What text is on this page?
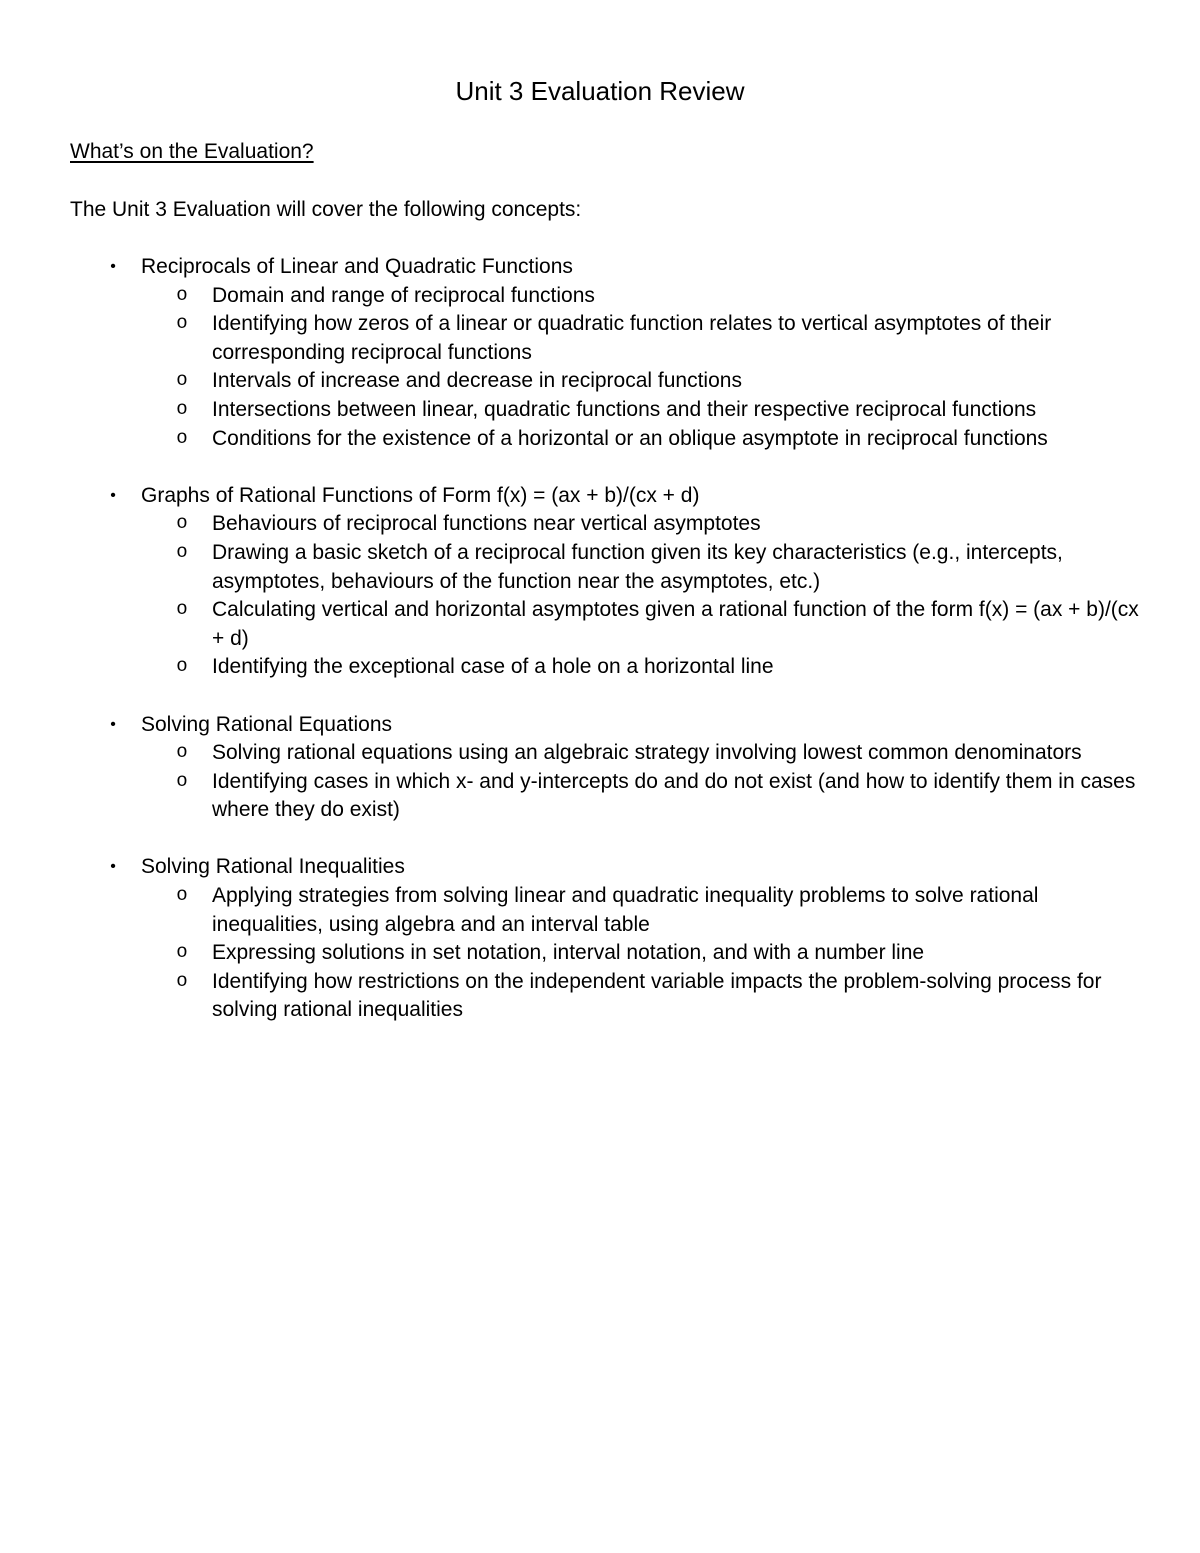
Unit 3 Evaluation Review
What’s on the Evaluation?
The Unit 3 Evaluation will cover the following concepts:
• Reciprocals of Linear and Quadratic Functions
o Domain and range of reciprocal functions
o Identifying how zeros of a linear or quadratic function relates to vertical asymptotes of their corresponding reciprocal functions
o Intervals of increase and decrease in reciprocal functions
o Intersections between linear, quadratic functions and their respective reciprocal functions
o Conditions for the existence of a horizontal or an oblique asymptote in reciprocal functions
• Graphs of Rational Functions of Form f(x) = (ax + b)/(cx + d)
o Behaviours of reciprocal functions near vertical asymptotes
o Drawing a basic sketch of a reciprocal function given its key characteristics (e.g., intercepts, asymptotes, behaviours of the function near the asymptotes, etc.)
o Calculating vertical and horizontal asymptotes given a rational function of the form f(x) = (ax + b)/(cx + d)
o Identifying the exceptional case of a hole on a horizontal line
• Solving Rational Equations
o Solving rational equations using an algebraic strategy involving lowest common denominators
o Identifying cases in which x- and y-intercepts do and do not exist (and how to identify them in cases where they do exist)
• Solving Rational Inequalities
o Applying strategies from solving linear and quadratic inequality problems to solve rational inequalities, using algebra and an interval table
o Expressing solutions in set notation, interval notation, and with a number line
o Identifying how restrictions on the independent variable impacts the problem-solving process for solving rational inequalities
